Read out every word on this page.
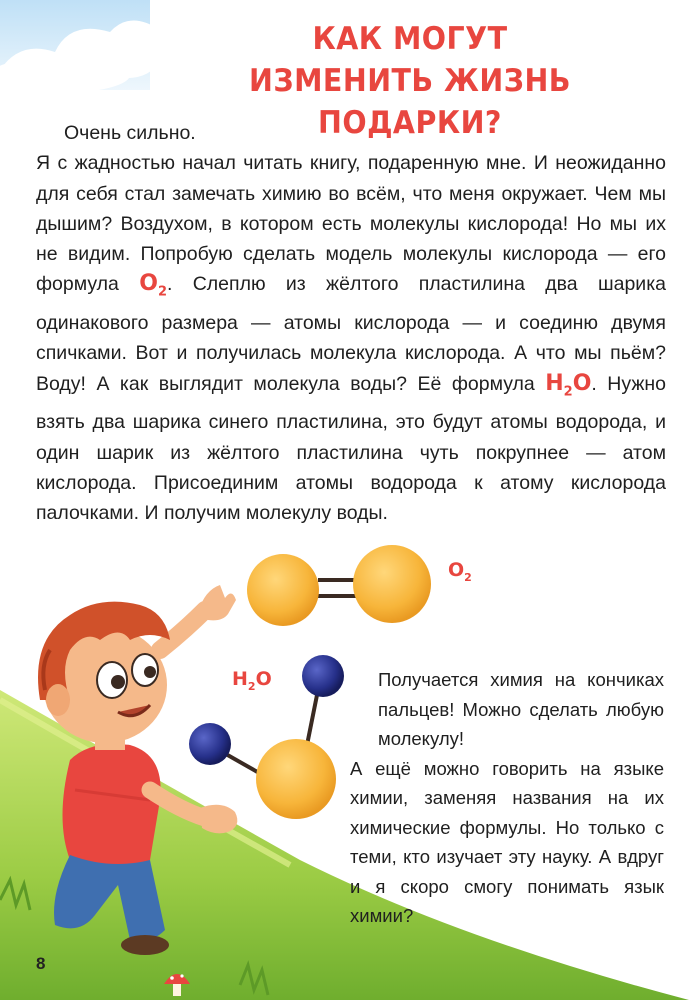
КАК МОГУТ
ИЗМЕНИТЬ ЖИЗНЬ ПОДАРКИ?

Очень сильно.

Я с жадностью начал читать книгу, подаренную мне. И неожиданно для себя стал замечать химию во всём, что меня окружает. Чем мы дышим? Воздухом, в котором есть молекулы кислорода! Но мы их не видим. Попробую сделать модель молекулы кислорода — его формула $O_2$. Слеплю из жёлтого пластилина два шарика одинакового размера — атомы кислорода — и соединю двумя спичками. Вот и получилась молекула кислорода. А что мы пьём? Воду! А как выглядит молекула воды? Её формула $H_2O$. Нужно взять два шарика синего пластилина, это будут атомы водорода, и один шарик из жёлтого пластилина чуть покрупнее — атом кислорода. Присоединим атомы водорода к атому кислорода палочками. И получим молекулу воды.

$O_2$
$H_2O$	Получается химия на кончиках пальцев! Можно сделать любую молекулу!

А ещё можно говорить на языке химии, заменяя названия на их химические формулы. Но только с теми, кто изучает эту науку. А вдруг и я скоро смогу понимать язык химии?

8
